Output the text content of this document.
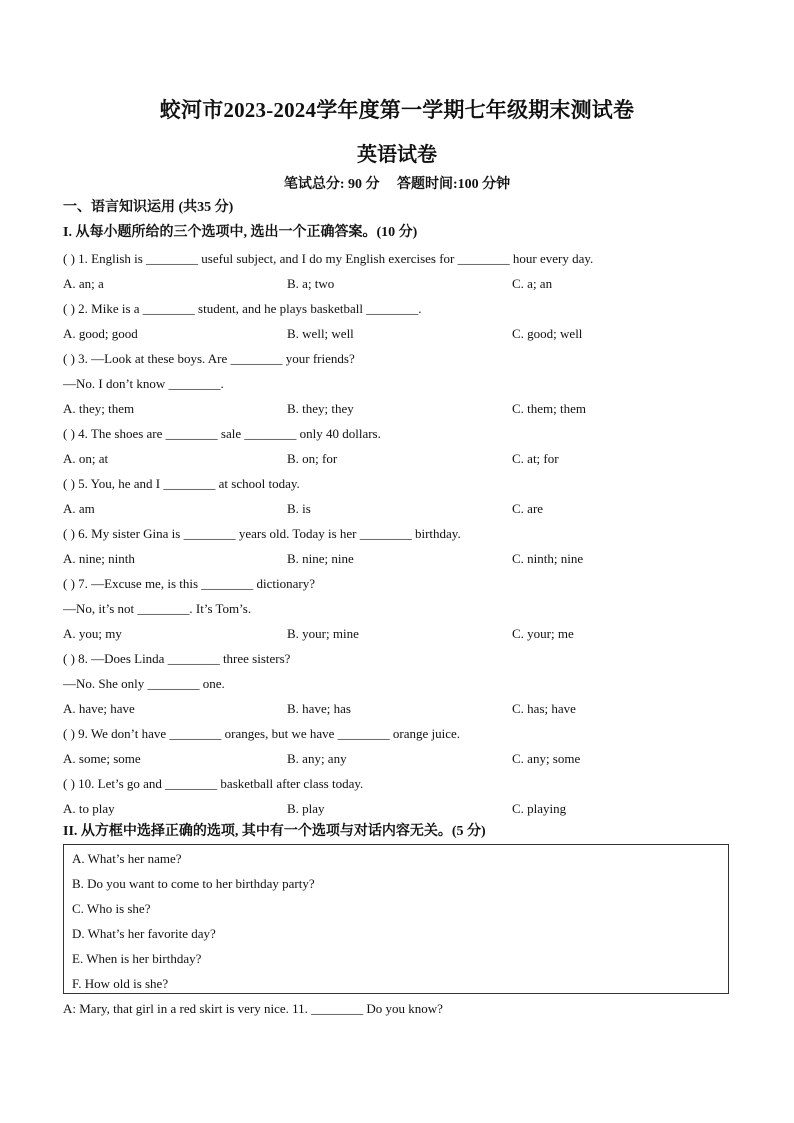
蛟河市2023-2024学年度第一学期七年级期末测试卷
英语试卷
笔试总分: 90 分 答题时间:100 分钟
一、语言知识运用 (共35 分)
I. 从每小题所给的三个选项中, 选出一个正确答案。(10 分)
( ) 1. English is ________ useful subject, and I do my English exercises for ________ hour every day.
A. an; a	B. a; two	C. a; an
( ) 2. Mike is a ________ student, and he plays basketball ________.
A. good; good	B. well; well	C. good; well
( ) 3. —Look at these boys. Are ________ your friends?
—No. I don’t know ________.
A. they; them	B. they; they	C. them; them
( ) 4. The shoes are ________ sale ________ only 40 dollars.
A. on; at	B. on; for	C. at; for
( ) 5. You, he and I ________ at school today.
A. am	B. is	C. are
( ) 6. My sister Gina is ________ years old. Today is her ________ birthday.
A. nine; ninth	B. nine; nine	C. ninth; nine
( ) 7. —Excuse me, is this ________ dictionary?
—No, it’s not ________. It’s Tom’s.
A. you; my	B. your; mine	C. your; me
( ) 8. —Does Linda ________ three sisters?
—No. She only ________ one.
A. have; have	B. have; has	C. has; have
( ) 9. We don’t have ________ oranges, but we have ________ orange juice.
A. some; some	B. any; any	C. any; some
( ) 10. Let’s go and ________ basketball after class today.
A. to play	B. play	C. playing
II. 从方框中选择正确的选项, 其中有一个选项与对话内容无关。(5 分)
A. What’s her name?
B. Do you want to come to her birthday party?
C. Who is she?
D. What’s her favorite day?
E. When is her birthday?
F. How old is she?
A: Mary, that girl in a red skirt is very nice. 11. ________ Do you know?
